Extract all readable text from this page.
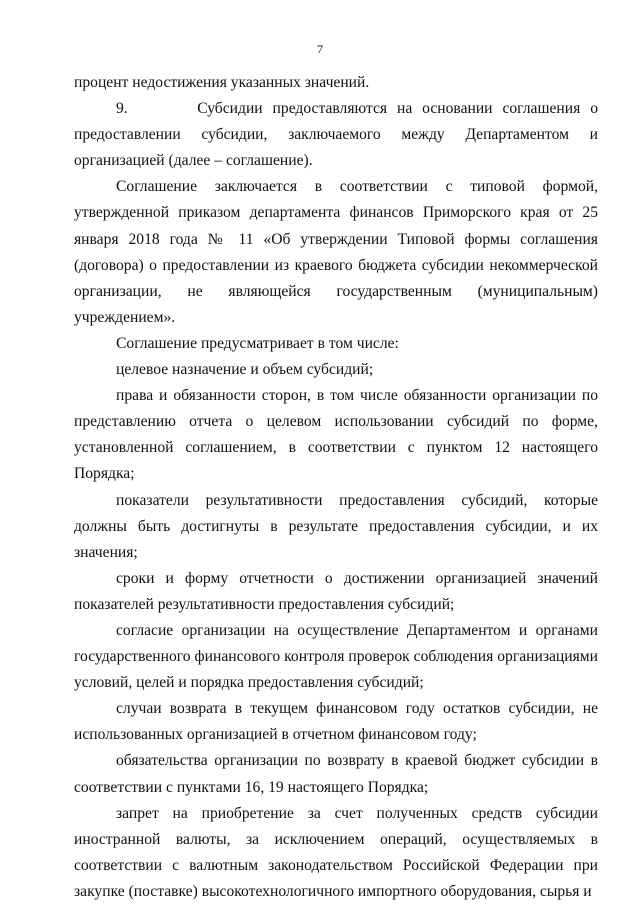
7

процент недостижения указанных значений.

9.       Субсидии предоставляются на основании соглашения о предоставлении субсидии, заключаемого между Департаментом и организацией (далее – соглашение).

Соглашение заключается в соответствии с типовой формой, утвержденной приказом департамента финансов Приморского края от 25 января 2018 года № 11 «Об утверждении Типовой формы соглашения (договора) о предоставлении из краевого бюджета субсидии некоммерческой организации, не являющейся государственным (муниципальным) учреждением».

Соглашение предусматривает в том числе:

целевое назначение и объем субсидий;

права и обязанности сторон, в том числе обязанности организации по представлению отчета о целевом использовании субсидий по форме, установленной соглашением, в соответствии с пунктом 12 настоящего Порядка;

показатели результативности предоставления субсидий, которые должны быть достигнуты в результате предоставления субсидии, и их значения;

сроки и форму отчетности о достижении организацией значений показателей результативности предоставления субсидий;

согласие организации на осуществление Департаментом и органами государственного финансового контроля проверок соблюдения организациями условий, целей и порядка предоставления субсидий;

случаи возврата в текущем финансовом году остатков субсидии, не использованных организацией в отчетном финансовом году;

обязательства организации по возврату в краевой бюджет субсидии в соответствии с пунктами 16, 19 настоящего Порядка;

запрет на приобретение за счет полученных средств субсидии иностранной валюты, за исключением операций, осуществляемых в соответствии с валютным законодательством Российской Федерации при закупке (поставке) высокотехнологичного импортного оборудования, сырья и
